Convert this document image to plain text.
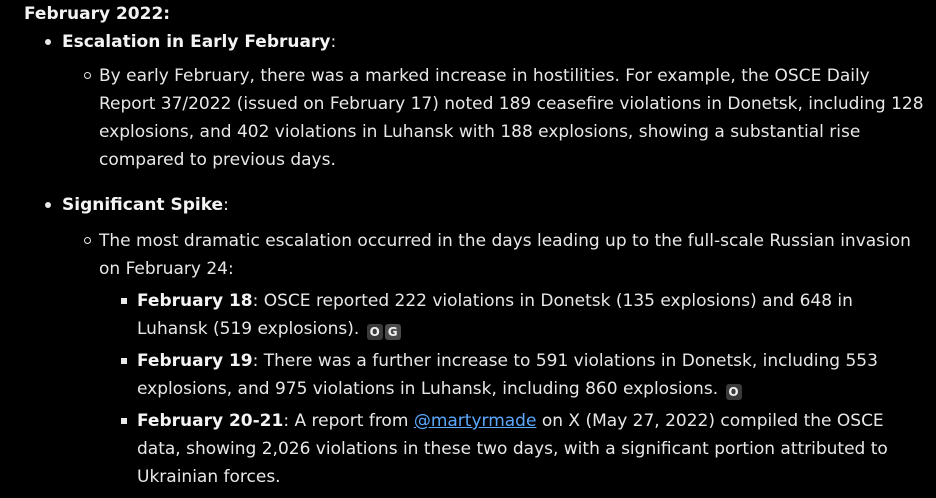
February 2022:
Escalation in Early February:
By early February, there was a marked increase in hostilities. For example, the OSCE Daily Report 37/2022 (issued on February 17) noted 189 ceasefire violations in Donetsk, including 128 explosions, and 402 violations in Luhansk with 188 explosions, showing a substantial rise compared to previous days.
Significant Spike:
The most dramatic escalation occurred in the days leading up to the full-scale Russian invasion on February 24:
February 18: OSCE reported 222 violations in Donetsk (135 explosions) and 648 in Luhansk (519 explosions). O G
February 19: There was a further increase to 591 violations in Donetsk, including 553 explosions, and 975 violations in Luhansk, including 860 explosions. O
February 20-21: A report from @martyrmade on X (May 27, 2022) compiled the OSCE data, showing 2,026 violations in these two days, with a significant portion attributed to Ukrainian forces.
